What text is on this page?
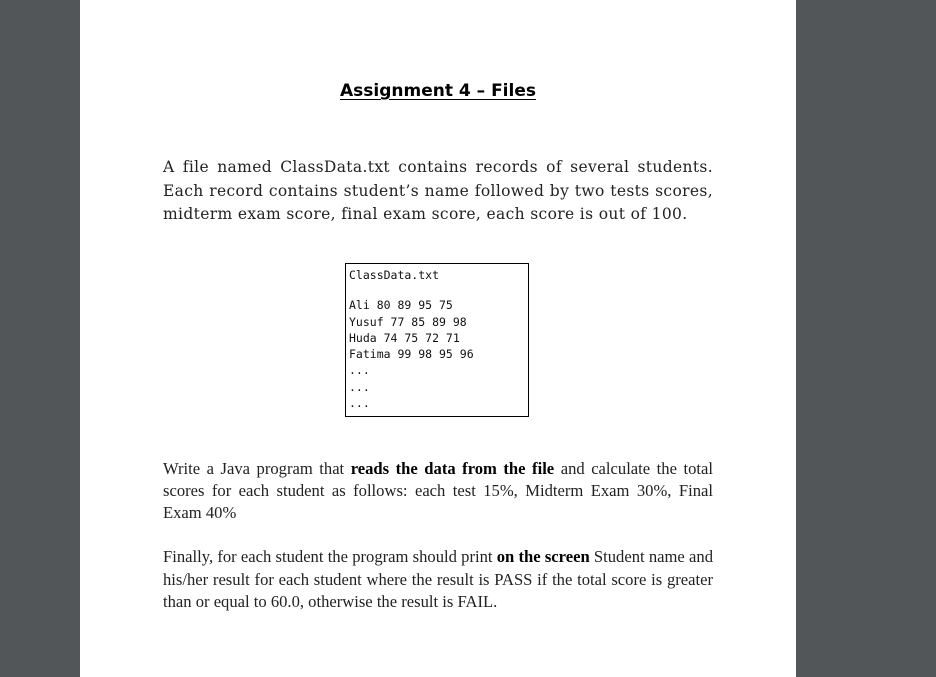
Assignment 4 – Files

A file named ClassData.txt contains records of several students. Each record contains student’s name followed by two tests scores, midterm exam score, final exam score, each score is out of 100.

ClassData.txt
Ali 80 89 95 75
Yusuf 77 85 89 98
Huda 74 75 72 71
Fatima 99 98 95 96
...
...
...

Write a Java program that reads the data from the file and calculate the total scores for each student as follows: each test 15%, Midterm Exam 30%, Final Exam 40%

Finally, for each student the program should print on the screen Student name and his/her result for each student where the result is PASS if the total score is greater than or equal to 60.0, otherwise the result is FAIL.
